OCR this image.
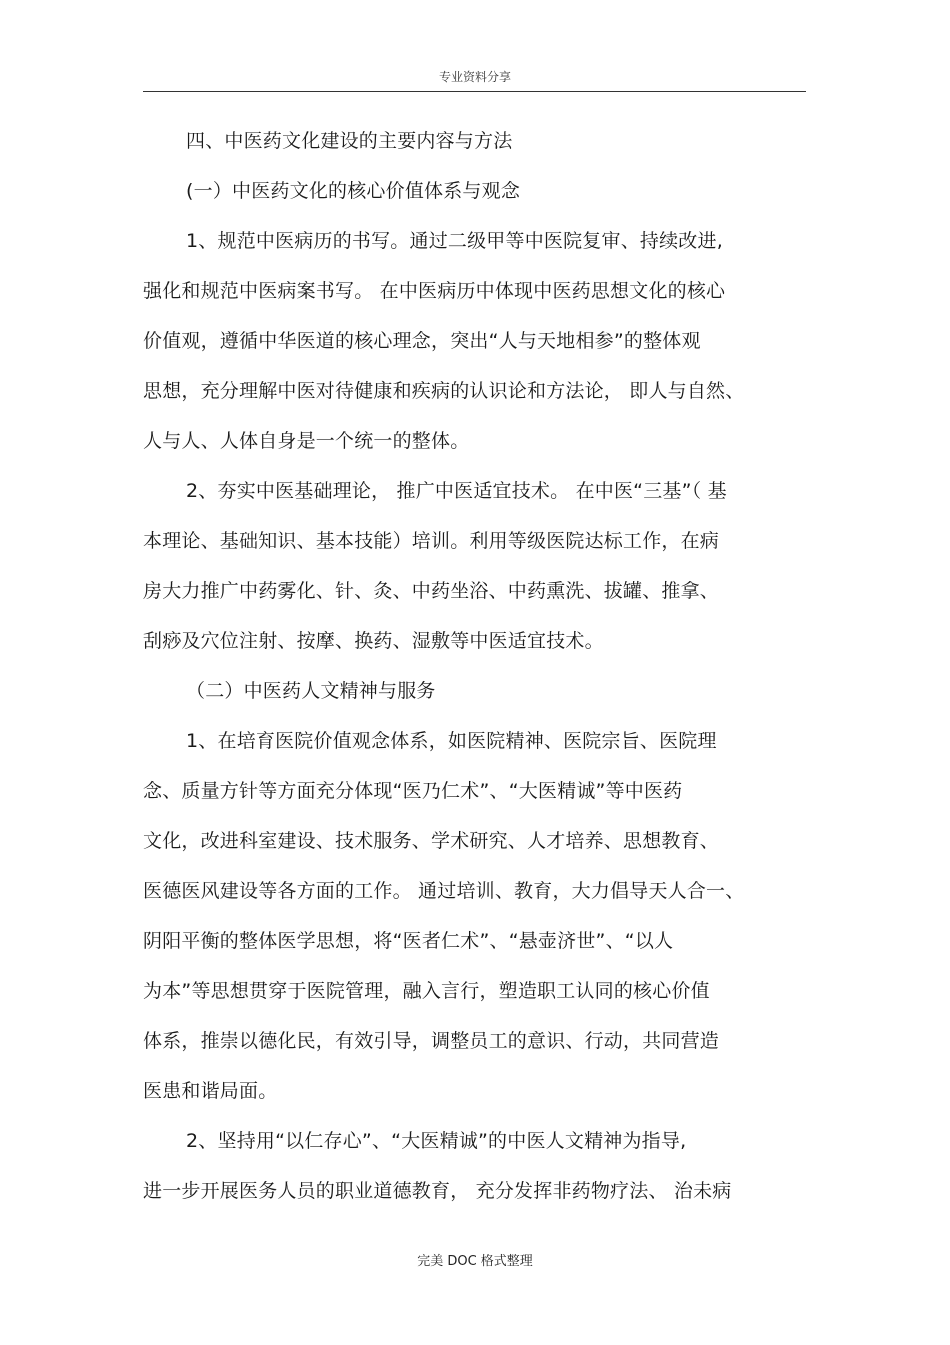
专业资料分享
四、中医药文化建设的主要内容与方法
(一）中医药文化的核心价值体系与观念
1、规范中医病历的书写。通过二级甲等中医院复审、持续改进,
强化和规范中医病案书写。 在中医病历中体现中医药思想文化的核心
价值观，遵循中华医道的核心理念，突出“人与天地相参”的整体观
思想，充分理解中医对待健康和疾病的认识论和方法论， 即人与自然、
人与人、人体自身是一个统一的整体。
2、夯实中医基础理论， 推广中医适宜技术。 在中医“三基”（ 基
本理论、基础知识、基本技能）培训。利用等级医院达标工作，在病
房大力推广中药雾化、针、灸、中药坐浴、中药熏洗、拔罐、推拿、
刮痧及穴位注射、按摩、换药、湿敷等中医适宜技术。
（二）中医药人文精神与服务
1、在培育医院价值观念体系，如医院精神、医院宗旨、医院理
念、质量方针等方面充分体现“医乃仁术”、“大医精诚”等中医药
文化，改进科室建设、技术服务、学术研究、人才培养、思想教育、
医德医风建设等各方面的工作。 通过培训、教育，大力倡导天人合一、
阴阳平衡的整体医学思想，将“医者仁术”、“悬壶济世”、“以人
为本”等思想贯穿于医院管理，融入言行，塑造职工认同的核心价值
体系，推崇以德化民，有效引导，调整员工的意识、行动，共同营造
医患和谐局面。
2、坚持用“以仁存心”、“大医精诚”的中医人文精神为指导,
进一步开展医务人员的职业道德教育， 充分发挥非药物疗法、 治未病
完美 DOC 格式整理
